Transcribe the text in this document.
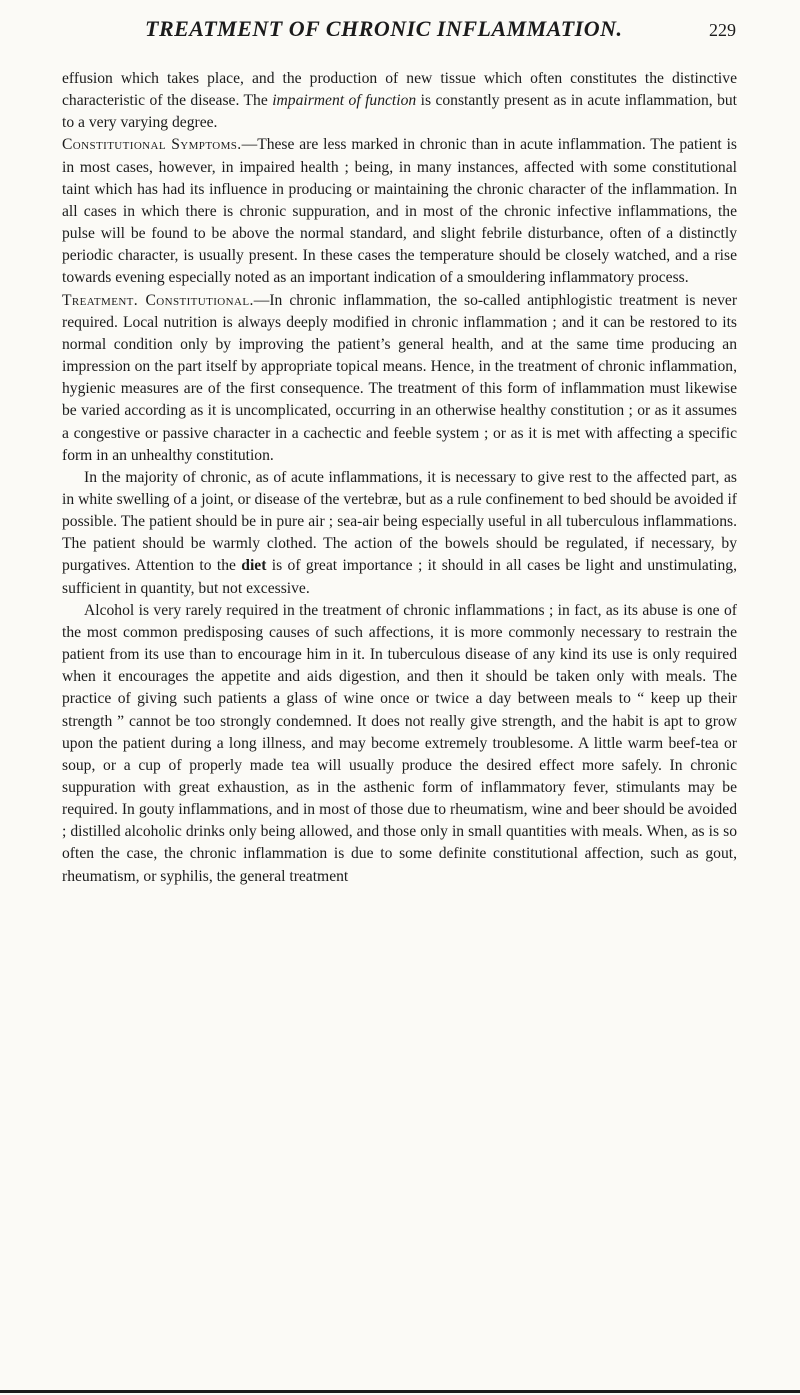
TREATMENT OF CHRONIC INFLAMMATION.	229

effusion which takes place, and the production of new tissue which often constitutes the distinctive characteristic of the disease. The impairment of function is constantly present as in acute inflammation, but to a very varying degree.

Constitutional Symptoms.—These are less marked in chronic than in acute inflammation. The patient is in most cases, however, in impaired health ; being, in many instances, affected with some constitutional taint which has had its influence in producing or maintaining the chronic character of the inflammation. In all cases in which there is chronic suppuration, and in most of the chronic infective inflammations, the pulse will be found to be above the normal standard, and slight febrile disturbance, often of a distinctly periodic character, is usually present. In these cases the temperature should be closely watched, and a rise towards evening especially noted as an important indication of a smouldering inflammatory process.

Treatment. Constitutional.—In chronic inflammation, the so-called antiphlogistic treatment is never required. Local nutrition is always deeply modified in chronic inflammation ; and it can be restored to its normal condition only by improving the patient’s general health, and at the same time producing an impression on the part itself by appropriate topical means. Hence, in the treatment of chronic inflammation, hygienic measures are of the first consequence. The treatment of this form of inflammation must likewise be varied according as it is uncomplicated, occurring in an otherwise healthy constitution ; or as it assumes a congestive or passive character in a cachectic and feeble system ; or as it is met with affecting a specific form in an unhealthy constitution.

In the majority of chronic, as of acute inflammations, it is necessary to give rest to the affected part, as in white swelling of a joint, or disease of the vertebræ, but as a rule confinement to bed should be avoided if possible. The patient should be in pure air ; sea-air being especially useful in all tuberculous inflammations. The patient should be warmly clothed. The action of the bowels should be regulated, if necessary, by purgatives. Attention to the diet is of great importance ; it should in all cases be light and unstimulating, sufficient in quantity, but not excessive.

Alcohol is very rarely required in the treatment of chronic inflammations ; in fact, as its abuse is one of the most common predisposing causes of such affections, it is more commonly necessary to restrain the patient from its use than to encourage him in it. In tuberculous disease of any kind its use is only required when it encourages the appetite and aids digestion, and then it should be taken only with meals. The practice of giving such patients a glass of wine once or twice a day between meals to “ keep up their strength ” cannot be too strongly condemned. It does not really give strength, and the habit is apt to grow upon the patient during a long illness, and may become extremely troublesome. A little warm beef-tea or soup, or a cup of properly made tea will usually produce the desired effect more safely. In chronic suppuration with great exhaustion, as in the asthenic form of inflammatory fever, stimulants may be required. In gouty inflammations, and in most of those due to rheumatism, wine and beer should be avoided ; distilled alcoholic drinks only being allowed, and those only in small quantities with meals. When, as is so often the case, the chronic inflammation is due to some definite constitutional affection, such as gout, rheumatism, or syphilis, the general treatment
